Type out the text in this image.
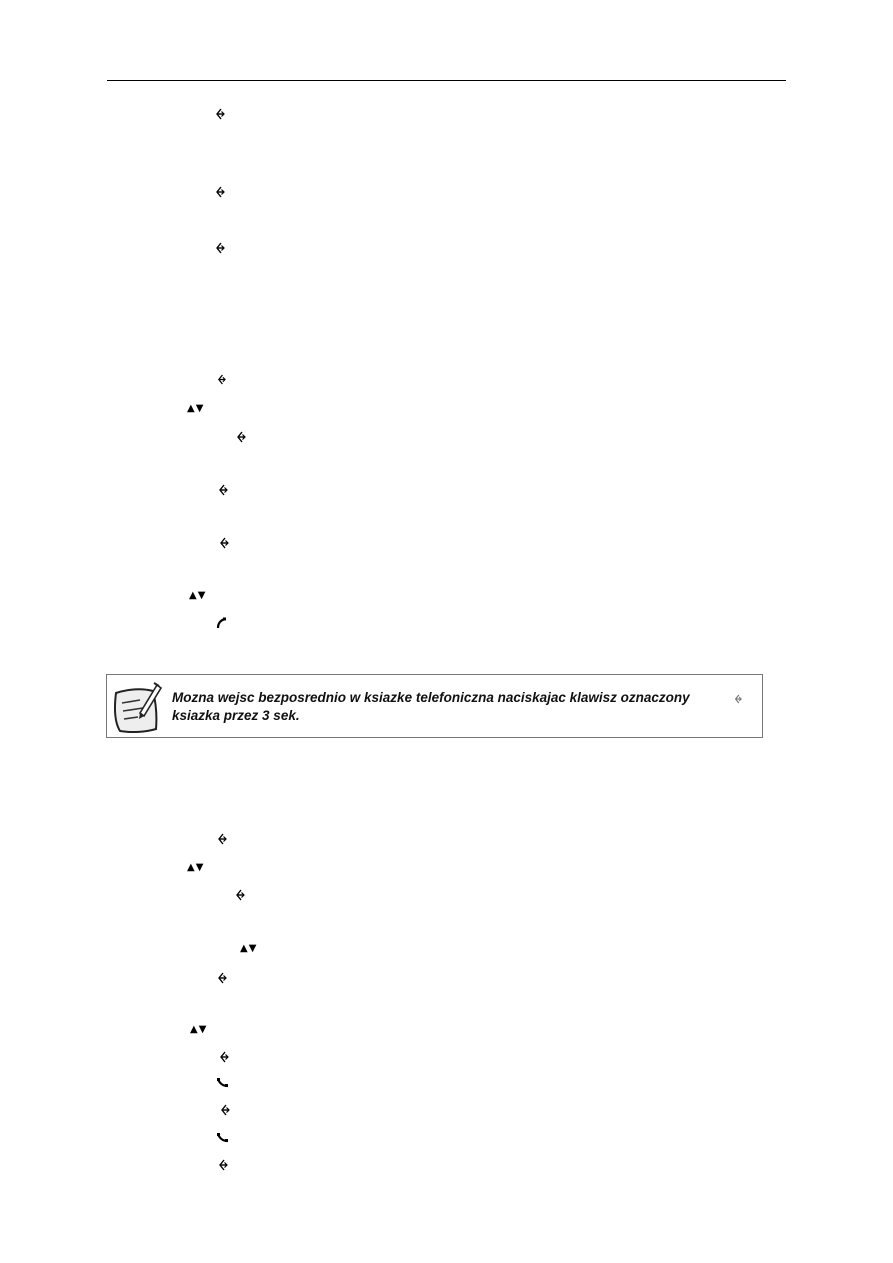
▲▼
▲▼
Mozna wejsc bezposrednio w ksiazke telefoniczna naciskajac klawisz oznaczony
ksiazka przez 3 sek.
▲▼
▲▼
▲▼
